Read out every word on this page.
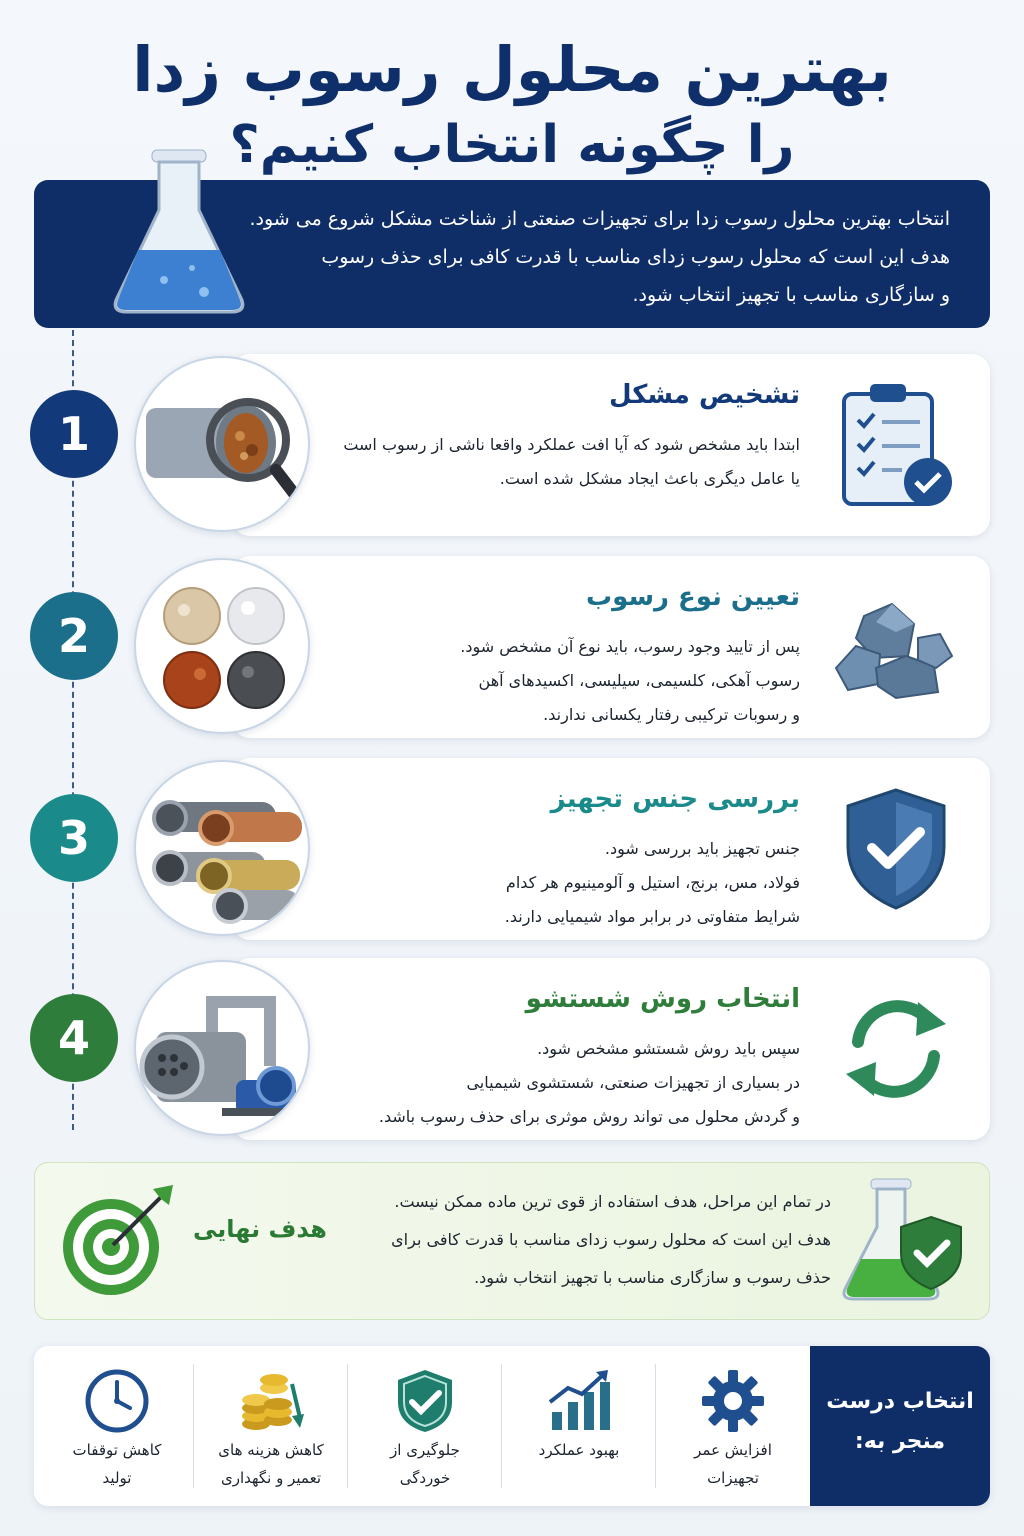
بهترین محلول رسوب زدا
را چگونه انتخاب کنیم؟

انتخاب بهترین محلول رسوب زدا برای تجهیزات صنعتی از شناخت مشکل شروع می شود.

هدف این است که محلول رسوب زدای مناسب با قدرت کافی برای حذف رسوب

و سازگاری مناسب با تجهیز انتخاب شود.

تشخیص مشکل

ابتدا باید مشخص شود که آیا افت عملکرد واقعا ناشی از رسوب است

یا عامل دیگری باعث ایجاد مشکل شده است.

1
تعیین نوع رسوب

پس از تایید وجود رسوب، باید نوع آن مشخص شود.

رسوب آهکی، کلسیمی، سیلیسی، اکسیدهای آهن

و رسوبات ترکیبی رفتار یکسانی ندارند.

2
بررسی جنس تجهیز

جنس تجهیز باید بررسی شود.

فولاد، مس، برنج، استیل و آلومینیوم هر کدام

شرایط متفاوتی در برابر مواد شیمیایی دارند.

3
انتخاب روش شستشو

سپس باید روش شستشو مشخص شود.

در بسیاری از تجهیزات صنعتی، شستشوی شیمیایی

و گردش محلول می تواند روش موثری برای حذف رسوب باشد.

4
هدف نهایی

در تمام این مراحل، هدف استفاده از قوی ترین ماده ممکن نیست.

هدف این است که محلول رسوب زدای مناسب با قدرت کافی برای

حذف رسوب و سازگاری مناسب با تجهیز انتخاب شود.

انتخاب درست
منجر به:
افزایش عمر
تجهیزات
بهبود عملکرد
جلوگیری از
خوردگی
کاهش هزینه های
تعمیر و نگهداری
کاهش توقفات
تولید
